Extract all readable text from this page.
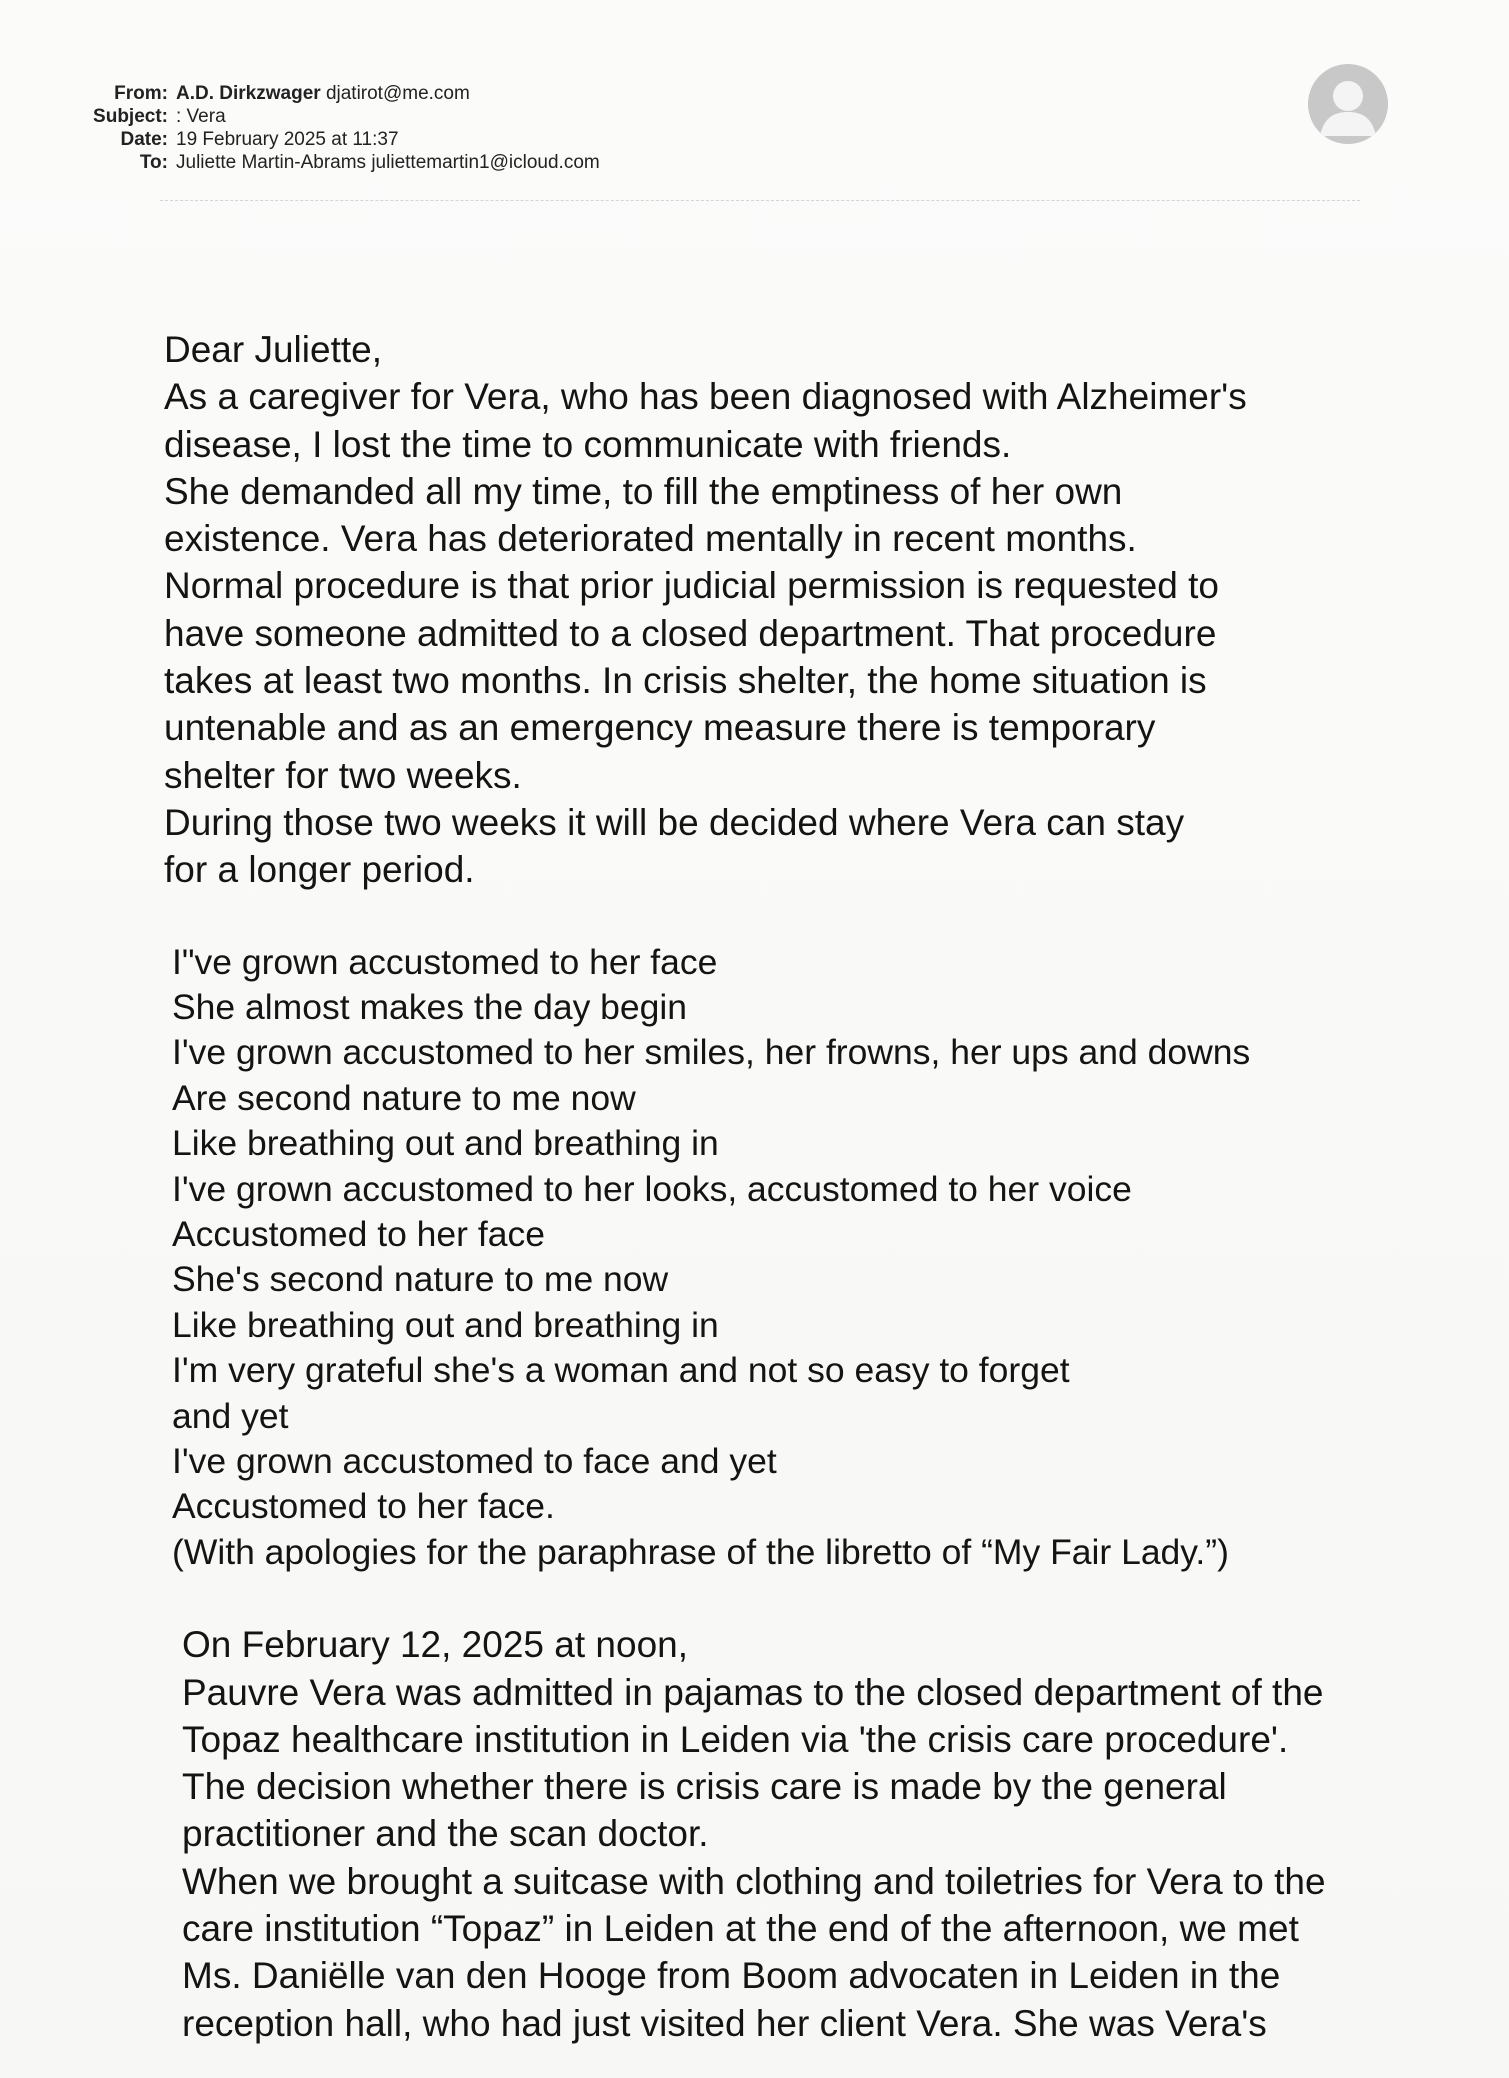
From: A.D. Dirkzwager djatirot@me.com
Subject: : Vera
Date: 19 February 2025 at 11:37
To: Juliette Martin-Abrams juliettemartin1@icloud.com
Dear Juliette,
As a caregiver for Vera, who has been diagnosed with Alzheimer's
disease, I lost the time to communicate with friends.
She demanded all my time, to fill the emptiness of her own
existence. Vera has deteriorated mentally in recent months.
Normal procedure is that prior judicial permission is requested to
have someone admitted to a closed department. That procedure
takes at least two months. In crisis shelter, the home situation is
untenable and as an emergency measure there is temporary
shelter for two weeks.
During those two weeks it will be decided where Vera can stay
for a longer period.
I"ve grown accustomed to her face
She almost makes the day begin
I've grown accustomed to her smiles, her frowns, her ups and downs
Are second nature to me now
Like breathing out and breathing in
I've grown accustomed to her looks, accustomed to her voice
Accustomed to her face
She's second nature to me now
Like breathing out and breathing in
I'm very grateful she's a woman and not so easy to forget
and yet
I've grown accustomed to face and yet
Accustomed to her face.
(With apologies for the paraphrase of the libretto of “My Fair Lady.”)
On February 12, 2025 at noon,
Pauvre Vera was admitted in pajamas to the closed department of the
Topaz healthcare institution in Leiden via 'the crisis care procedure'.
The decision whether there is crisis care is made by the general
practitioner and the scan doctor.
When we brought a suitcase with clothing and toiletries for Vera to the
care institution “Topaz” in Leiden at the end of the afternoon, we met
Ms. Daniëlle van den Hooge from Boom advocaten in Leiden in the
reception hall, who had just visited her client Vera. She was Vera's
